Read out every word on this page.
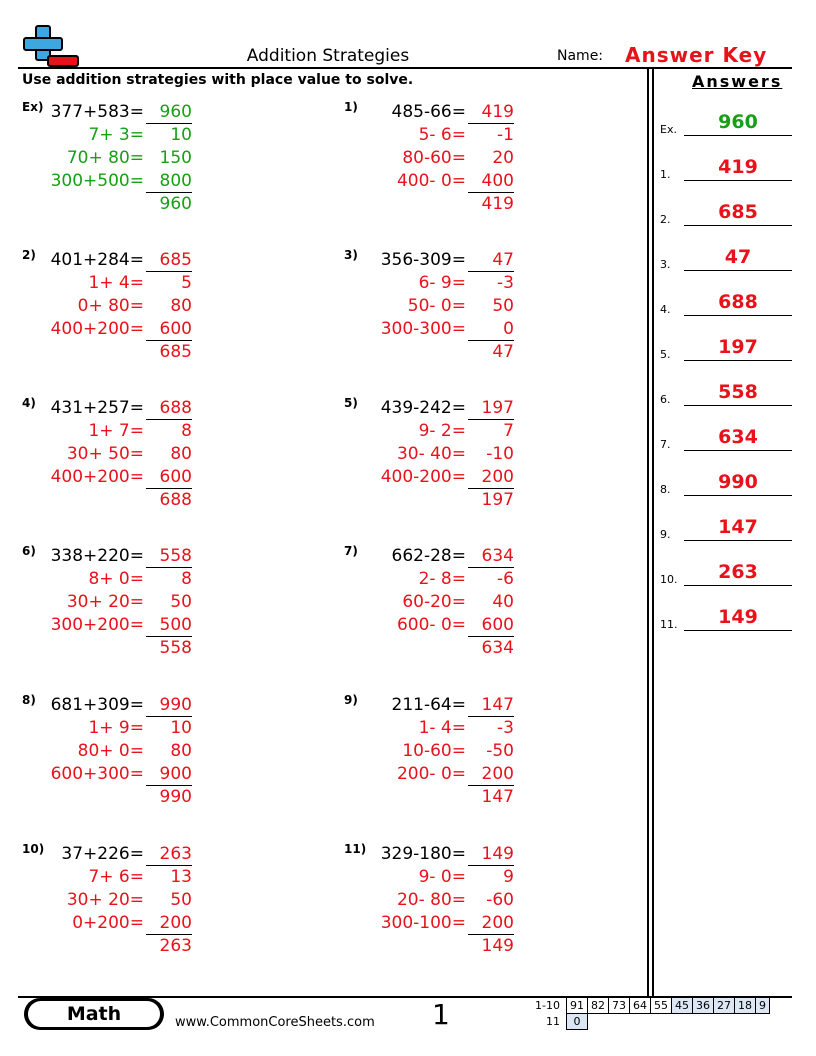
Addition Strategies	Name: Answer Key
Use addition strategies with place value to solve.	Answers
Ex) 377+583= 960
7+ 3=	10
70+ 80= 150
300+500= 800
960
1)	485-66= 419
5- 6=	-1
80-60=	20
400- 0= 400
419
2) 401+284= 685
1+ 4=	5
0+ 80=	80
400+200= 600
685
3)	356-309=	47
6- 9=	-3
50- 0=	50
300-300=	0
47
4) 431+257= 688
1+ 7=	8
30+ 50=	80
400+200= 600
688
5)	439-242= 197
9- 2=	7
30- 40=	-10
400-200= 200
197
6) 338+220= 558
8+ 0=	8
30+ 20=	50
300+200= 500
558
7)	662-28= 634
2- 8=	-6
60-20=	40
600- 0= 600
634
8) 681+309= 990
1+ 9=	10
80+ 0=	80
600+300= 900
990
9)	211-64= 147
1- 4=	-3
10-60=	-50
200- 0= 200
147
10)	37+226= 263
7+ 6=	13
30+ 20=	50
0+200= 200
263
11) 329-180= 149
9- 0=	9
20- 80=	-60
300-100= 200
149
Ex.	960
1.	419
2.	685
3.	47
4.	688
5.	197
6.	558
7.	634
8.	990
9.	147
10.	263
11.	149
Math	www.CommonCoreSheets.com 1	1-10	91	82	73	64	55	45	36	27	18	9
11	0									
